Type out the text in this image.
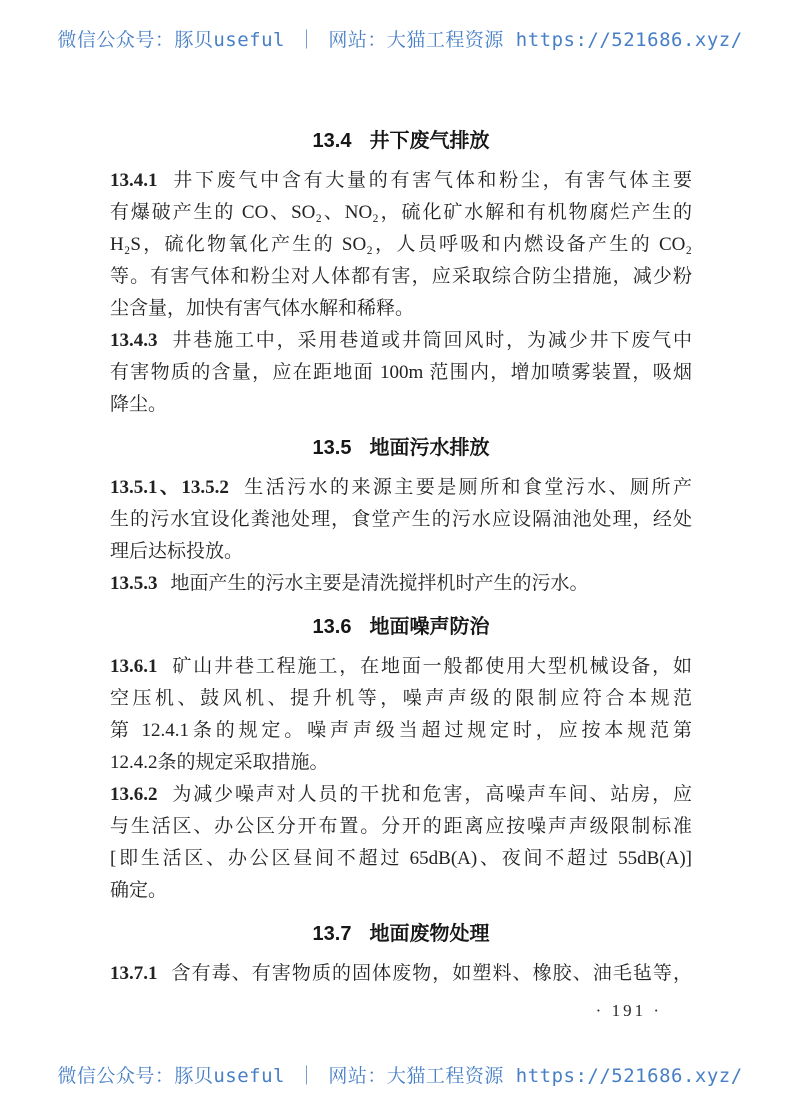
微信公众号：豚贝useful ｜ 网站：大猫工程资源 https://521686.xyz/
13.4 井下废气排放
13.4.1 井下废气中含有大量的有害气体和粉尘，有害气体主要
有爆破产生的 CO、SO₂、NO₂，硫化矿水解和有机物腐烂产生的
H₂S，硫化物氧化产生的 SO₂，人员呼吸和内燃设备产生的 CO₂
等。有害气体和粉尘对人体都有害，应采取综合防尘措施，减少粉
尘含量，加快有害气体水解和稀释。
13.4.3 井巷施工中，采用巷道或井筒回风时，为减少井下废气中
有害物质的含量，应在距地面 100m 范围内，增加喷雾装置，吸烟
降尘。
13.5 地面污水排放
13.5.1、13.5.2 生活污水的来源主要是厕所和食堂污水、厕所产
生的污水宜设化粪池处理，食堂产生的污水应设隔油池处理，经处
理后达标投放。
13.5.3 地面产生的污水主要是清洗搅拌机时产生的污水。
13.6 地面噪声防治
13.6.1 矿山井巷工程施工，在地面一般都使用大型机械设备，如
空压机、鼓风机、提升机等，噪声声级的限制应符合本规范
第 12.4.1条的规定。噪声声级当超过规定时，应按本规范第
12.4.2条的规定采取措施。
13.6.2 为减少噪声对人员的干扰和危害，高噪声车间、站房，应
与生活区、办公区分开布置。分开的距离应按噪声声级限制标准
[即生活区、办公区昼间不超过 65dB(A)、夜间不超过 55dB(A)]
确定。
13.7 地面废物处理
13.7.1 含有毒、有害物质的固体废物，如塑料、橡胶、油毛毡等，
· 191 ·
微信公众号：豚贝useful ｜ 网站：大猫工程资源 https://521686.xyz/
